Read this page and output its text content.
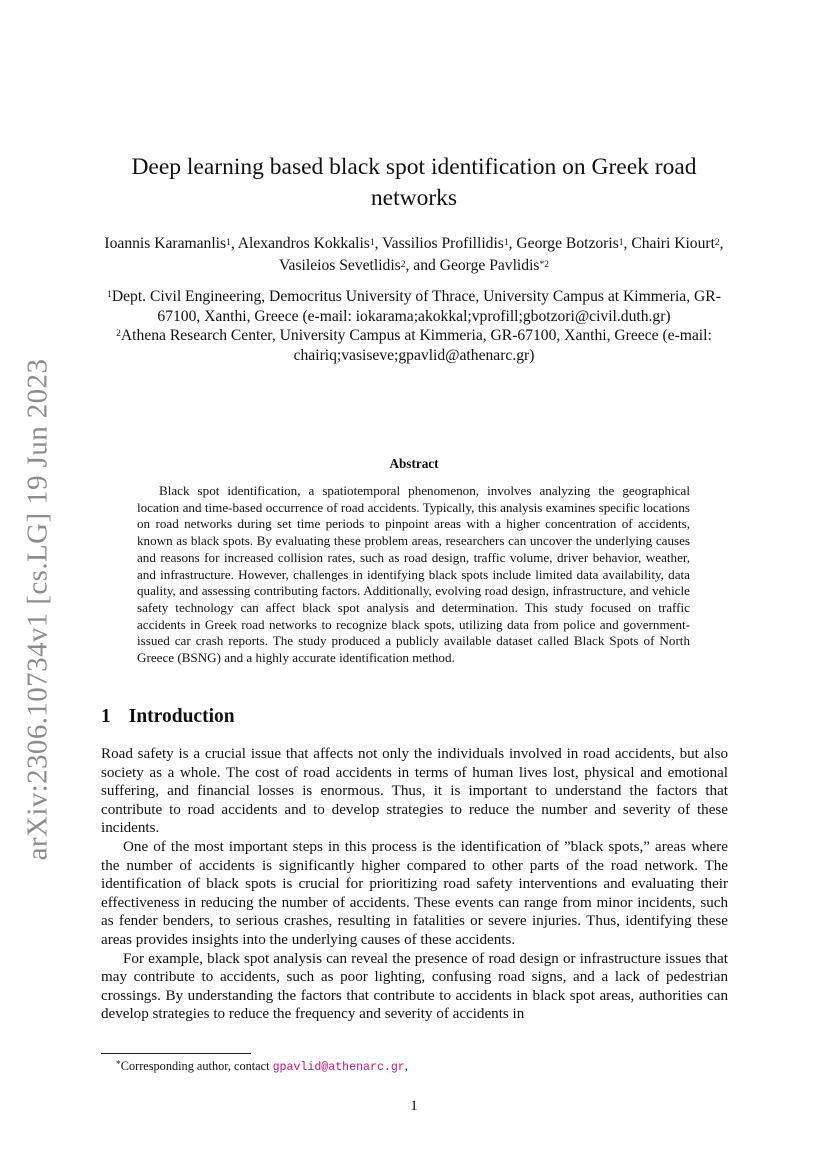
arXiv:2306.10734v1 [cs.LG] 19 Jun 2023
Deep learning based black spot identification on Greek road networks
Ioannis Karamanlis$^1$, Alexandros Kokkalis$^1$, Vassilios Profillidis$^1$, George Botzoris$^1$, Chairi Kiourt$^2$, Vasileios Sevetlidis$^2$, and George Pavlidis$^{*2}$

$^1$Dept. Civil Engineering, Democritus University of Thrace, University Campus at Kimmeria, GR-67100, Xanthi, Greece (e-mail: iokarama;akokkal;vprofill;gbotzori@civil.duth.gr)

$^2$Athena Research Center, University Campus at Kimmeria, GR-67100, Xanthi, Greece (e-mail: chairiq;vasiseve;gpavlid@athenarc.gr)

Abstract

Black spot identification, a spatiotemporal phenomenon, involves analyzing the geographical location and time-based occurrence of road accidents. Typically, this analysis examines specific locations on road networks during set time periods to pinpoint areas with a higher concentration of accidents, known as black spots. By evaluating these problem areas, researchers can uncover the underlying causes and reasons for increased collision rates, such as road design, traffic volume, driver behavior, weather, and infrastructure. However, challenges in identifying black spots include limited data availability, data quality, and assessing contributing factors. Additionally, evolving road design, infrastructure, and vehicle safety technology can affect black spot analysis and determination. This study focused on traffic accidents in Greek road networks to recognize black spots, utilizing data from police and government-issued car crash reports. The study produced a publicly available dataset called Black Spots of North Greece (BSNG) and a highly accurate identification method.

1 Introduction

Road safety is a crucial issue that affects not only the individuals involved in road accidents, but also society as a whole. The cost of road accidents in terms of human lives lost, physical and emotional suffering, and financial losses is enormous. Thus, it is important to understand the factors that contribute to road accidents and to develop strategies to reduce the number and severity of these incidents.

One of the most important steps in this process is the identification of ”black spots,” areas where the number of accidents is significantly higher compared to other parts of the road network. The identification of black spots is crucial for prioritizing road safety interventions and evaluating their effectiveness in reducing the number of accidents. These events can range from minor incidents, such as fender benders, to serious crashes, resulting in fatalities or severe injuries. Thus, identifying these areas provides insights into the underlying causes of these accidents.

For example, black spot analysis can reveal the presence of road design or infrastructure issues that may contribute to accidents, such as poor lighting, confusing road signs, and a lack of pedestrian crossings. By understanding the factors that contribute to accidents in black spot areas, authorities can develop strategies to reduce the frequency and severity of accidents in

*Corresponding author, contact gpavlid@athenarc.gr,
1
